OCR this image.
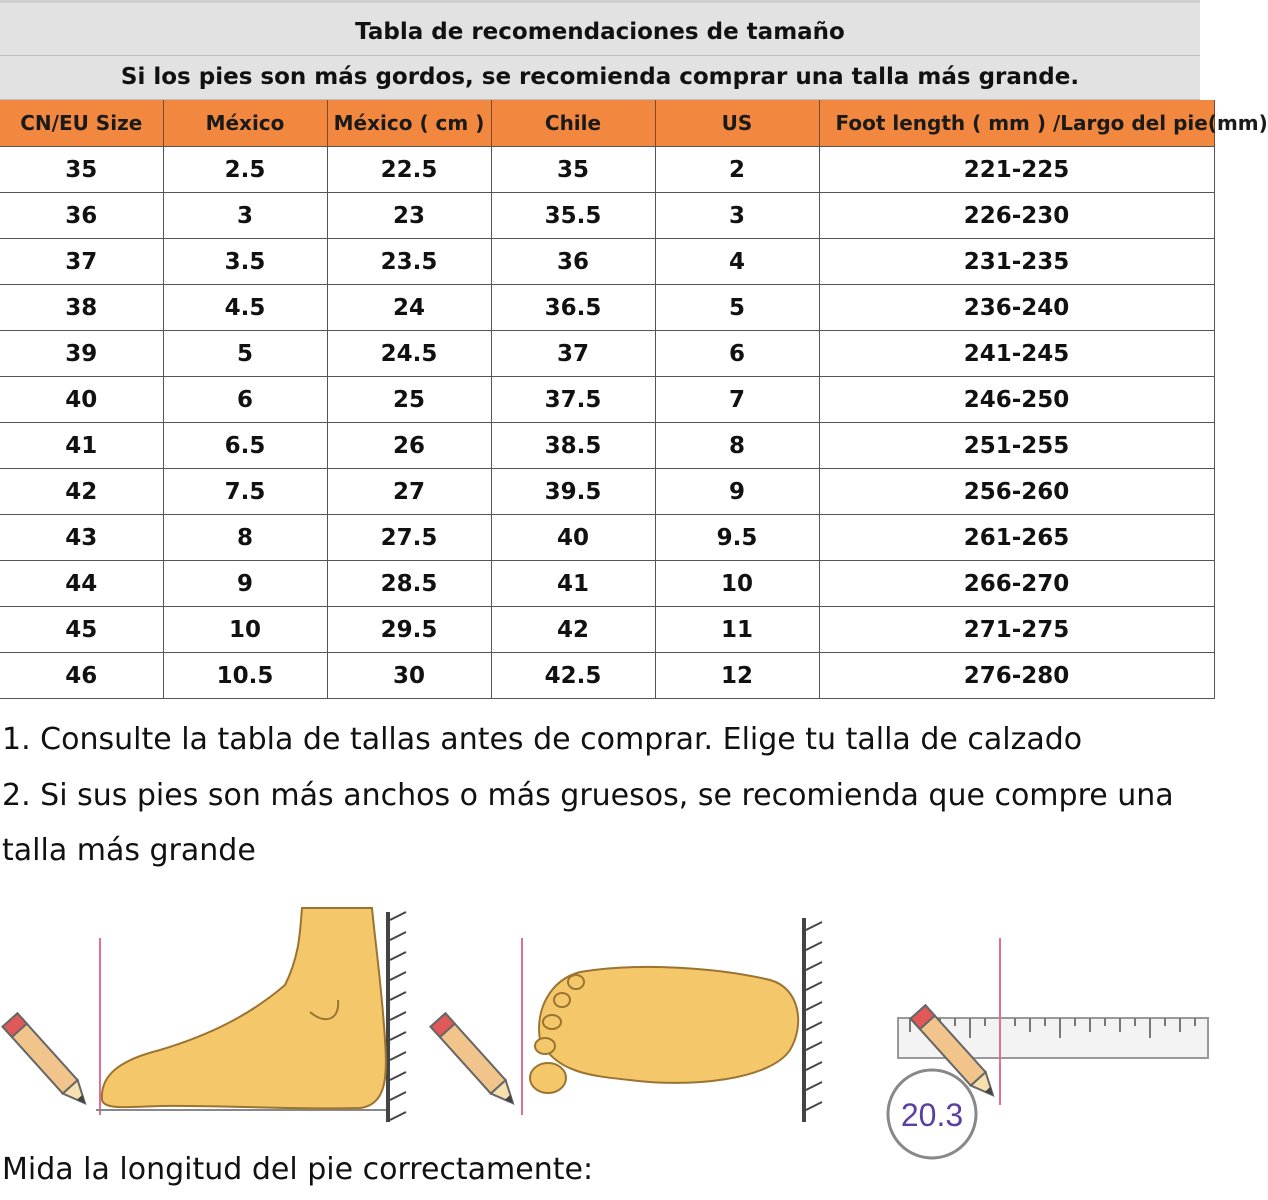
Tabla de recomendaciones de tamaño
Si los pies son más gordos, se recomienda comprar una talla más grande.
CN/EU Size	México	México ( cm )	Chile	US	Foot length ( mm ) /Largo del pie(mm)
35	2.5	22.5	35	2	221-225
36	3	23	35.5	3	226-230
37	3.5	23.5	36	4	231-235
38	4.5	24	36.5	5	236-240
39	5	24.5	37	6	241-245
40	6	25	37.5	7	246-250
41	6.5	26	38.5	8	251-255
42	7.5	27	39.5	9	256-260
43	8	27.5	40	9.5	261-265
44	9	28.5	41	10	266-270
45	10	29.5	42	11	271-275
46	10.5	30	42.5	12	276-280
1. Consulte la tabla de tallas antes de comprar. Elige tu talla de calzado
2. Si sus pies son más anchos o más gruesos, se recomienda que compre una
talla más grande
20.3
Mida la longitud del pie correctamente:
